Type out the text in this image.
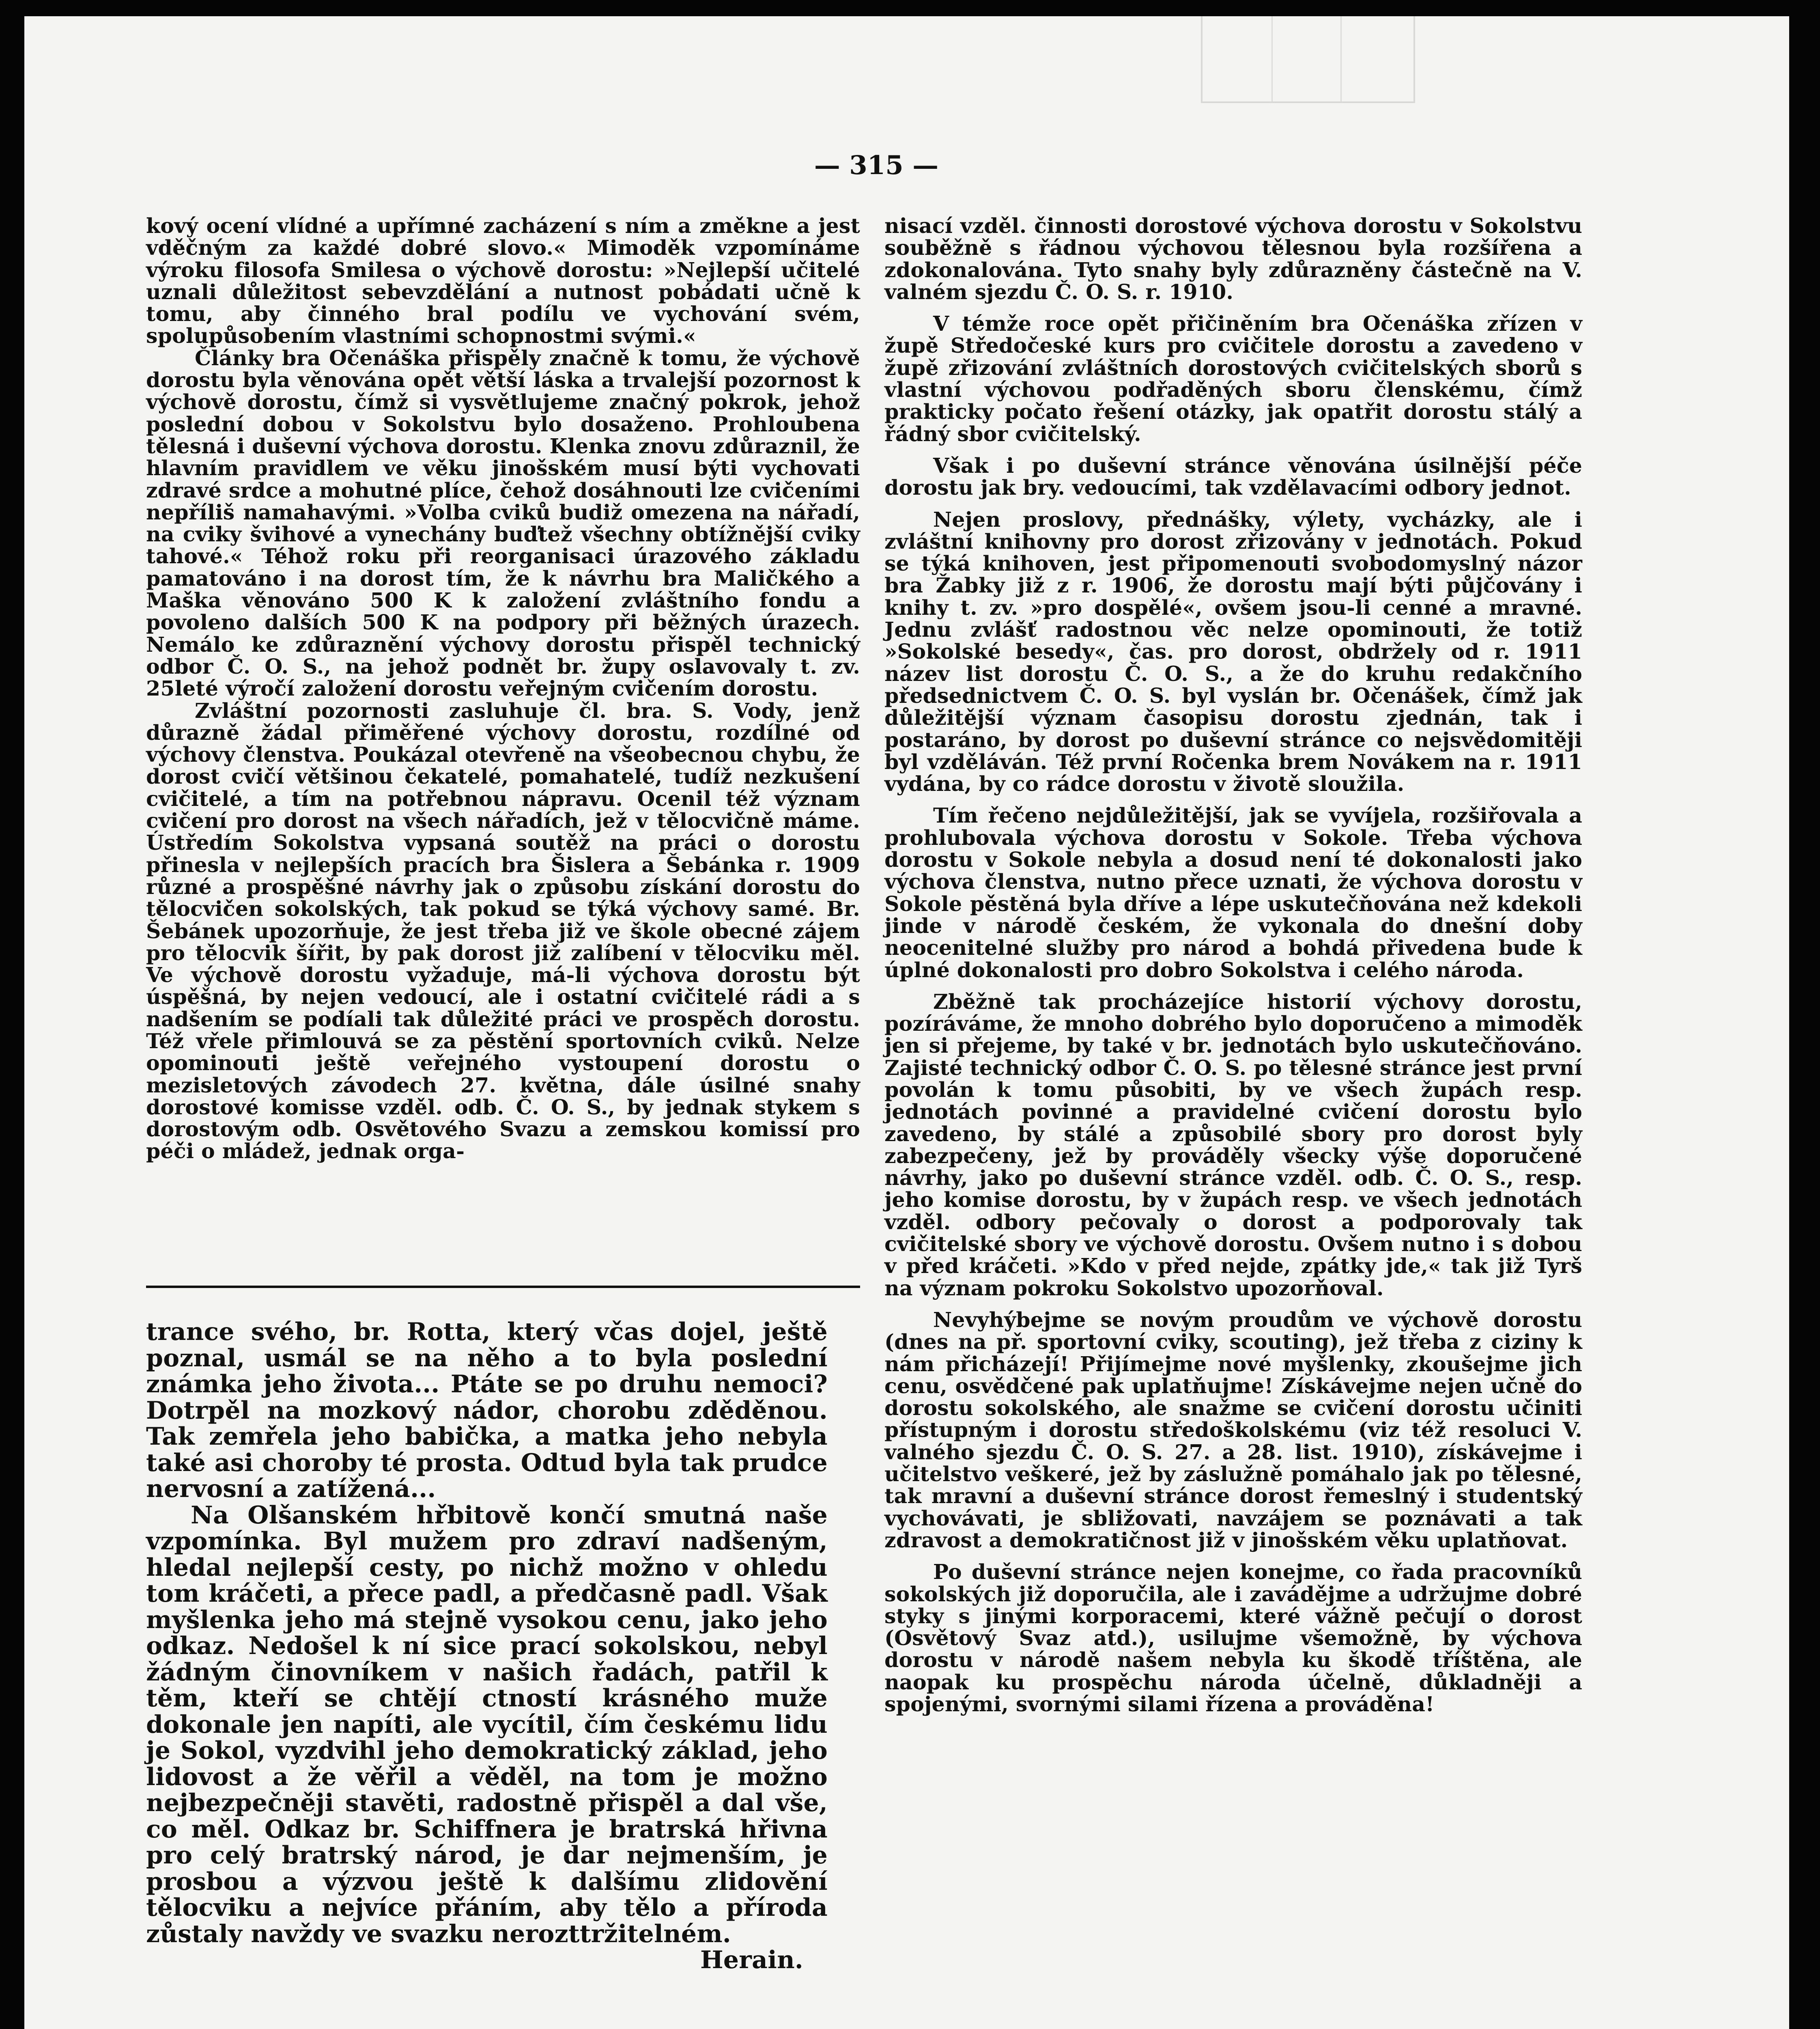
— 315 —

kový ocení vlídné a upřímné zacházení s ním a změkne a jest vděčným za každé dobré slovo.« Mimoděk vzpomínáme výroku filosofa Smilesa o výchově dorostu: »Nejlepší učitelé uznali důležitost sebevzdělání a nutnost pobádati učně k tomu, aby činného bral podílu ve vychování svém, spolupůsobením vlastními schopnostmi svými.«

Články bra Očenáška přispěly značně k tomu, že výchově dorostu byla věnována opět větší láska a trvalejší pozornost k výchově dorostu, čímž si vysvětlujeme značný pokrok, jehož poslední dobou v Sokolstvu bylo dosaženo. Prohloubena tělesná i duševní výchova dorostu. Klenka znovu zdůraznil, že hlavním pravidlem ve věku jinošském musí býti vychovati zdravé srdce a mohutné plíce, čehož dosáhnouti lze cvičeními nepříliš namahavými. »Volba cviků budiž omezena na nářadí, na cviky švihové a vynechány buďtež všechny obtížnější cviky tahové.« Téhož roku při reorganisaci úrazového základu pamatováno i na dorost tím, že k návrhu bra Maličkého a Maška věnováno 500 K k založení zvláštního fondu a povoleno dalších 500 K na podpory při běžných úrazech. Nemálo ke zdůraznění výchovy dorostu přispěl technický odbor Č. O. S., na jehož podnět br. župy oslavovaly t. zv. 25leté výročí založení dorostu veřejným cvičením dorostu.

Zvláštní pozornosti zasluhuje čl. bra. S. Vody, jenž důrazně žádal přiměřené výchovy dorostu, rozdílné od výchovy členstva. Poukázal otevřeně na všeobecnou chybu, že dorost cvičí většinou čekatelé, pomahatelé, tudíž nezkušení cvičitelé, a tím na potřebnou nápravu. Ocenil též význam cvičení pro dorost na všech nářadích, jež v tělocvičně máme. Ústředím Sokolstva vypsaná soutěž na práci o dorostu přinesla v nejlepších pracích bra Šislera a Šebánka r. 1909 různé a prospěšné návrhy jak o způsobu získání dorostu do tělocvičen sokolských, tak pokud se týká výchovy samé. Br. Šebánek upozorňuje, že jest třeba již ve škole obecné zájem pro tělocvik šířit, by pak dorost již zalíbení v tělocviku měl. Ve výchově dorostu vyžaduje, má-li výchova dorostu být úspěšná, by nejen vedoucí, ale i ostatní cvičitelé rádi a s nadšením se podíali tak důležité práci ve prospěch dorostu. Též vřele přimlouvá se za pěstění sportovních cviků. Nelze opominouti ještě veřejného vystoupení dorostu o mezisletových závodech 27. května, dále úsilné snahy dorostové komisse vzděl. odb. Č. O. S., by jednak stykem s dorostovým odb. Osvětového Svazu a zemskou komissí pro péči o mládež, jednak orga-

trance svého, br. Rotta, který včas dojel, ještě poznal, usmál se na něho a to byla poslední známka jeho života... Ptáte se po druhu nemoci? Dotrpěl na mozkový nádor, chorobu zděděnou. Tak zemřela jeho babička, a matka jeho nebyla také asi choroby té prosta. Odtud byla tak prudce nervosní a zatížená...

Na Olšanském hřbitově končí smutná naše vzpomínka. Byl mužem pro zdraví nadšeným, hledal nejlepší cesty, po nichž možno v ohledu tom kráčeti, a přece padl, a předčasně padl. Však myšlenka jeho má stejně vysokou cenu, jako jeho odkaz. Nedošel k ní sice prací sokolskou, nebyl žádným činovníkem v našich řadách, patřil k těm, kteří se chtějí ctností krásného muže dokonale jen napíti, ale vycítil, čím českému lidu je Sokol, vyzdvihl jeho demokratický základ, jeho lidovost a že věřil a věděl, na tom je možno nejbezpečněji stavěti, radostně přispěl a dal vše, co měl. Odkaz br. Schiffnera je bratrská hřivna pro celý bratrský národ, je dar nejmenším, je prosbou a výzvou ještě k dalšímu zlidovění tělocviku a nejvíce přáním, aby tělo a příroda zůstaly navždy ve svazku nerozttržitelném.

Herain.

nisací vzděl. činnosti dorostové výchova dorostu v Sokolstvu souběžně s řádnou výchovou tělesnou byla rozšířena a zdokonalována. Tyto snahy byly zdůrazněny částečně na V. valném sjezdu Č. O. S. r. 1910.

V témže roce opět přičiněním bra Očenáška zřízen v župě Středočeské kurs pro cvičitele dorostu a zavedeno v župě zřizování zvláštních dorostových cvičitelských sborů s vlastní výchovou podřaděných sboru členskému, čímž prakticky počato řešení otázky, jak opatřit dorostu stálý a řádný sbor cvičitelský.

Však i po duševní stránce věnována úsilnější péče dorostu jak bry. vedoucími, tak vzdělavacími odbory jednot.

Nejen proslovy, přednášky, výlety, vycházky, ale i zvláštní knihovny pro dorost zřizovány v jednotách. Pokud se týká knihoven, jest připomenouti svobodomyslný názor bra Žabky již z r. 1906, že dorostu mají býti půjčovány i knihy t. zv. »pro dospělé«, ovšem jsou-li cenné a mravné. Jednu zvlášť radostnou věc nelze opominouti, že totiž »Sokolské besedy«, čas. pro dorost, obdržely od r. 1911 název list dorostu Č. O. S., a že do kruhu redakčního předsednictvem Č. O. S. byl vyslán br. Očenášek, čímž jak důležitější význam časopisu dorostu zjednán, tak i postaráno, by dorost po duševní stránce co nejsvědomitěji byl vzděláván. Též první Ročenka brem Novákem na r. 1911 vydána, by co rádce dorostu v životě sloužila.

Tím řečeno nejdůležitější, jak se vyvíjela, rozšiřovala a prohlubovala výchova dorostu v Sokole. Třeba výchova dorostu v Sokole nebyla a dosud není té dokonalosti jako výchova členstva, nutno přece uznati, že výchova dorostu v Sokole pěstěná byla dříve a lépe uskutečňována než kdekoli jinde v národě českém, že vykonala do dnešní doby neocenitelné služby pro národ a bohdá přivedena bude k úplné dokonalosti pro dobro Sokolstva i celého národa.

Zběžně tak procházejíce historií výchovy dorostu, pozíráváme, že mnoho dobrého bylo doporučeno a mimoděk jen si přejeme, by také v br. jednotách bylo uskutečňováno. Zajisté technický odbor Č. O. S. po tělesné stránce jest první povolán k tomu působiti, by ve všech župách resp. jednotách povinné a pravidelné cvičení dorostu bylo zavedeno, by stálé a způsobilé sbory pro dorost byly zabezpečeny, jež by prováděly všecky výše doporučené návrhy, jako po duševní stránce vzděl. odb. Č. O. S., resp. jeho komise dorostu, by v župách resp. ve všech jednotách vzděl. odbory pečovaly o dorost a podporovaly tak cvičitelské sbory ve výchově dorostu. Ovšem nutno i s dobou v před kráčeti. »Kdo v před nejde, zpátky jde,« tak již Tyrš na význam pokroku Sokolstvo upozorňoval.

Nevyhýbejme se novým proudům ve výchově dorostu (dnes na př. sportovní cviky, scouting), jež třeba z ciziny k nám přicházejí! Přijímejme nové myšlenky, zkoušejme jich cenu, osvědčené pak uplatňujme! Získávejme nejen učně do dorostu sokolského, ale snažme se cvičení dorostu učiniti přístupným i dorostu středoškolskému (viz též resoluci V. valného sjezdu Č. O. S. 27. a 28. list. 1910), získávejme i učitelstvo veškeré, jež by záslužně pomáhalo jak po tělesné, tak mravní a duševní stránce dorost řemeslný i studentský vychovávati, je sbližovati, navzájem se poznávati a tak zdravost a demokratičnost již v jinošském věku uplatňovat.

Po duševní stránce nejen konejme, co řada pracovníků sokolských již doporučila, ale i zavádějme a udržujme dobré styky s jinými korporacemi, které vážně pečují o dorost (Osvětový Svaz atd.), usilujme všemožně, by výchova dorostu v národě našem nebyla ku škodě tříštěna, ale naopak ku prospěchu národa účelně, důkladněji a spojenými, svornými silami řízena a prováděna!
